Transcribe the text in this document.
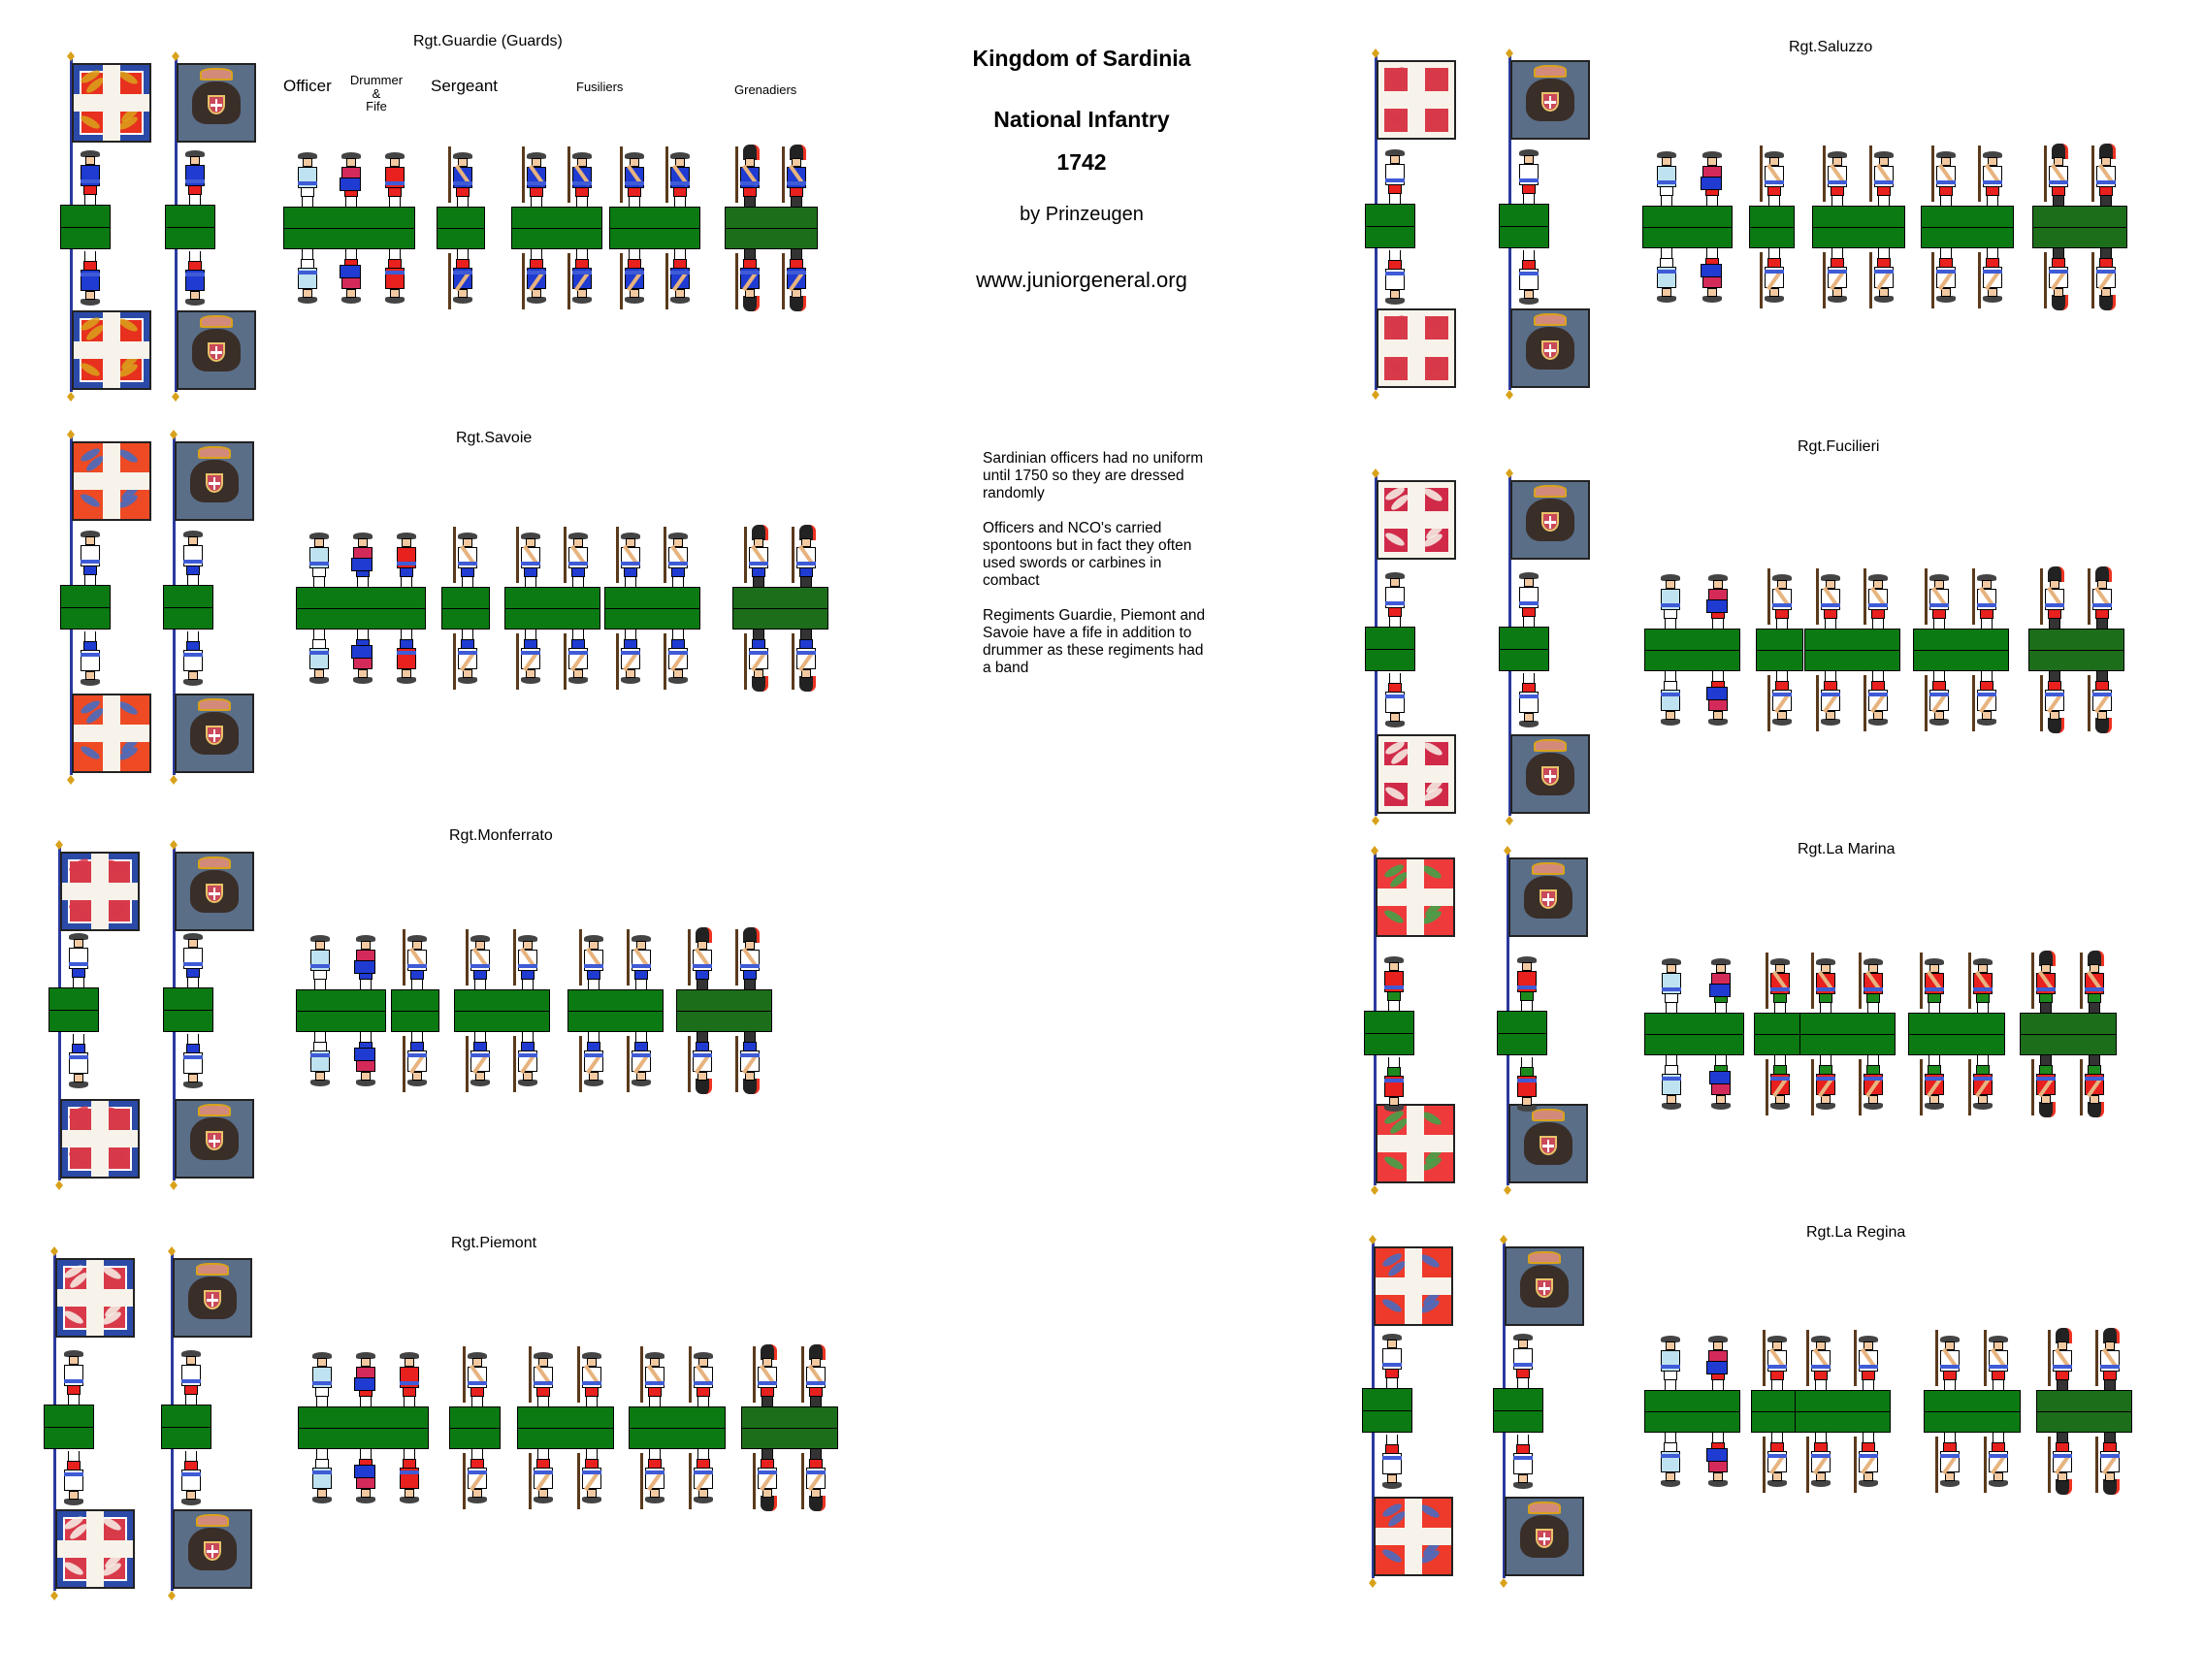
Kingdom of Sardinia
National Infantry
1742
by Prinzeugen
www.juniorgeneral.org

Sardinian officers had no uniform until 1750 so they are dressed randomly

Officers and NCO's carried spontoons but in fact they often used swords or carbines in combact

Regiments Guardie, Piemont and Savoie have a fife in addition to drummer as these regiments had a band

Officer Drummer
&
Fife
Sergeant	Fusiliers	Grenadiers
Rgt.Guardie (Guards)
Rgt.Savoie
Rgt.Monferrato
Rgt.Piemont
Rgt.Saluzzo
Rgt.Fucilieri
Rgt.La Marina
Rgt.La Regina
